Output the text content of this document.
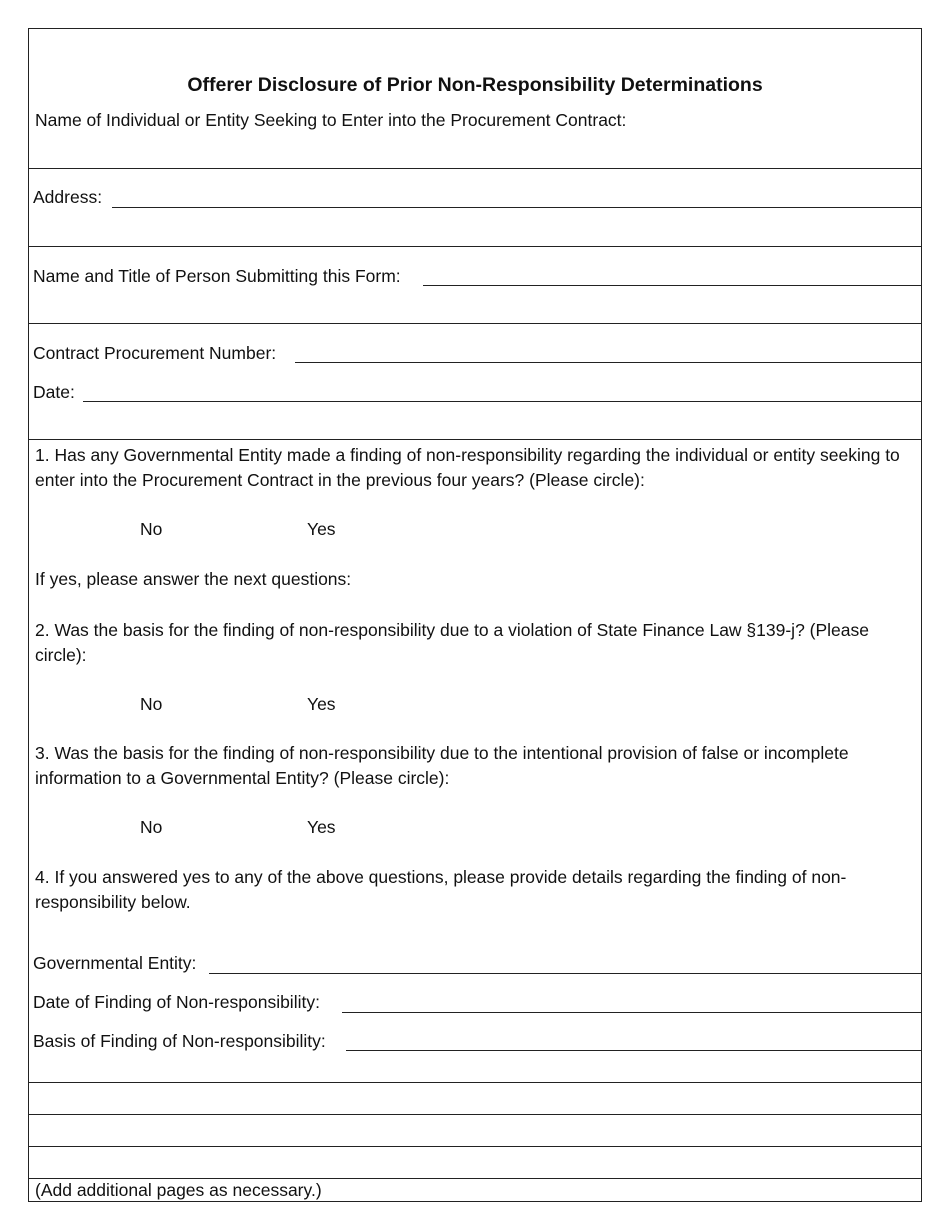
Offerer Disclosure of Prior Non-Responsibility Determinations
Name of Individual or Entity Seeking to Enter into the Procurement Contract:
Address:
Name and Title of Person Submitting this Form:
Contract Procurement Number:
Date:
1. Has any Governmental Entity made a finding of non-responsibility regarding the individual or entity seeking to enter into the Procurement Contract in the previous four years? (Please circle):
No	Yes
If yes, please answer the next questions:
2. Was the basis for the finding of non-responsibility due to a violation of State Finance Law §139-j? (Please circle):
No	Yes
3. Was the basis for the finding of non-responsibility due to the intentional provision of false or incomplete information to a Governmental Entity? (Please circle):
No	Yes
4. If you answered yes to any of the above questions, please provide details regarding the finding of non-responsibility below.
Governmental Entity:
Date of Finding of Non-responsibility:
Basis of Finding of Non-responsibility:
(Add additional pages as necessary.)
